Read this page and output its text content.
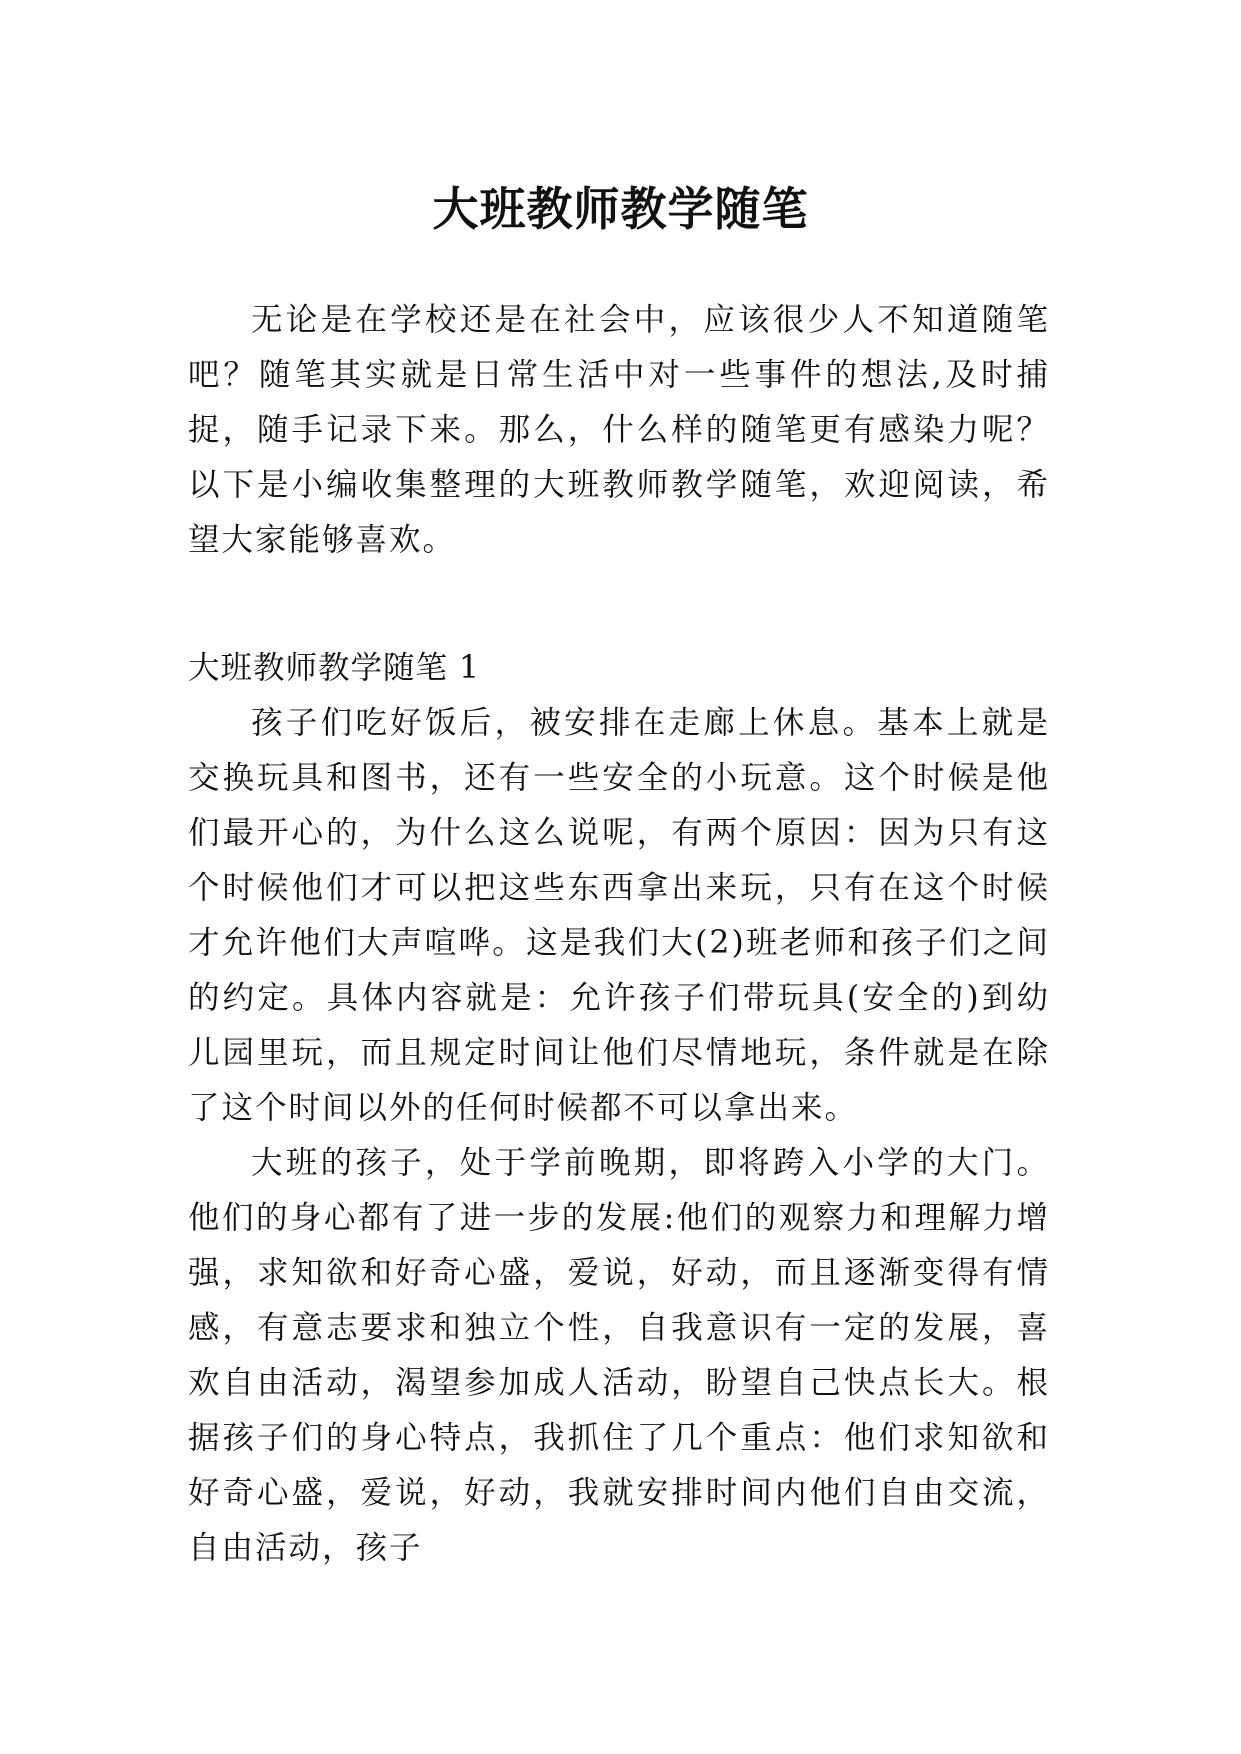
大班教师教学随笔

无论是在学校还是在社会中，应该很少人不知道随笔吧？随笔其实就是日常生活中对一些事件的想法,及时捕捉，随手记录下来。那么，什么样的随笔更有感染力呢？以下是小编收集整理的大班教师教学随笔，欢迎阅读，希望大家能够喜欢。

大班教师教学随笔 1

孩子们吃好饭后，被安排在走廊上休息。基本上就是交换玩具和图书，还有一些安全的小玩意。这个时候是他们最开心的，为什么这么说呢，有两个原因：因为只有这个时候他们才可以把这些东西拿出来玩，只有在这个时候才允许他们大声喧哗。这是我们大(2)班老师和孩子们之间的约定。具体内容就是：允许孩子们带玩具(安全的)到幼儿园里玩，而且规定时间让他们尽情地玩，条件就是在除了这个时间以外的任何时候都不可以拿出来。

大班的孩子，处于学前晚期，即将跨入小学的大门。他们的身心都有了进一步的发展:他们的观察力和理解力增强，求知欲和好奇心盛，爱说，好动，而且逐渐变得有情感，有意志要求和独立个性，自我意识有一定的发展，喜欢自由活动，渴望参加成人活动，盼望自己快点长大。根据孩子们的身心特点，我抓住了几个重点：他们求知欲和好奇心盛，爱说，好动，我就安排时间内他们自由交流，自由活动，孩子
